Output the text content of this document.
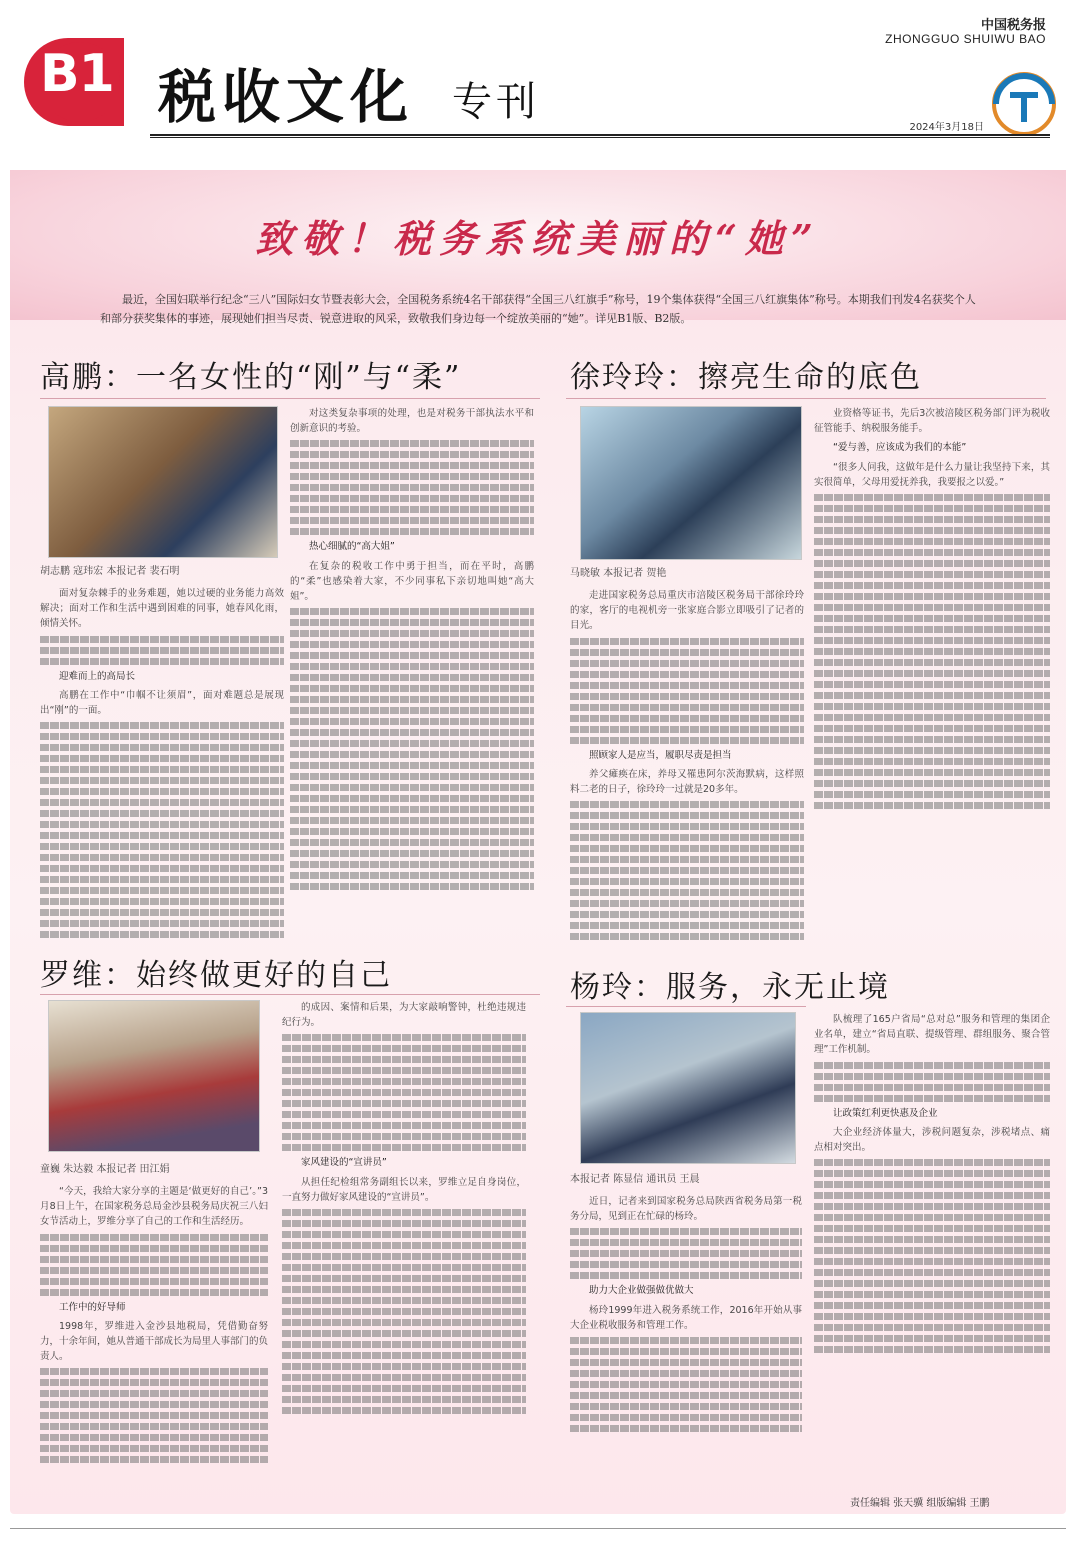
B1 税收文化 专刊
中国税务报
ZHONGGUO SHUIWU BAO
2024年3月18日
致敬！税务系统美丽的“她”
最近，全国妇联举行纪念“三八”国际妇女节暨表彰大会，全国税务系统4名干部获得“全国三八红旗手”称号，19个集体获得“全国三八红旗集体”称号。本期我们刊发4名获奖个人和部分获奖集体的事迹，展现她们担当尽责、锐意进取的风采，致敬我们身边每一个绽放美丽的“她”。详见B1版、B2版。
高鹏：一名女性的“刚”与“柔”
胡志鹏 寇玮宏 本报记者 裴石明

面对复杂棘手的业务难题，她以过硬的业务能力高效解决；面对工作和生活中遇到困难的同事，她春风化雨，倾情关怀。

迎难而上的高局长

高鹏在工作中“巾帼不让须眉”，面对难题总是展现出“刚”的一面。

对这类复杂事项的处理，也是对税务干部执法水平和创新意识的考验。

热心细腻的“高大姐”

在复杂的税收工作中勇于担当，而在平时，高鹏的“柔”也感染着大家，不少同事私下亲切地叫她“高大姐”。

徐玲玲：擦亮生命的底色
马晓敏 本报记者 贺艳

走进国家税务总局重庆市涪陵区税务局干部徐玲玲的家，客厅的电视机旁一张家庭合影立即吸引了记者的目光。

照顾家人是应当，履职尽责是担当

养父瘫痪在床，养母又罹患阿尔茨海默病，这样照料二老的日子，徐玲玲一过就是20多年。

业资格等证书，先后3次被涪陵区税务部门评为税收征管能手、纳税服务能手。

“爱与善，应该成为我们的本能”

“很多人问我，这做年是什么力量让我坚持下来，其实很简单，父母用爱抚养我，我要报之以爱。”

罗维：始终做更好的自己
童巍 朱达毅 本报记者 田江娟

“今天，我给大家分享的主题是‘做更好的自己’。”3月8日上午，在国家税务总局金沙县税务局庆祝三八妇女节活动上，罗维分享了自己的工作和生活经历。

工作中的好导师

1998年，罗维进入金沙县地税局，凭借勤奋努力，十余年间，她从普通干部成长为局里人事部门的负责人。

的成因、案情和后果，为大家敲响警钟，杜绝违规违纪行为。

家风建设的“宣讲员”

从担任纪检组常务副组长以来，罗维立足自身岗位，一直努力做好家风建设的“宣讲员”。

杨玲：服务，永无止境
本报记者 陈显信 通讯员 王晨

近日，记者来到国家税务总局陕西省税务局第一税务分局，见到正在忙碌的杨玲。

助力大企业做强做优做大

杨玲1999年进入税务系统工作，2016年开始从事大企业税收服务和管理工作。

队梳理了165户省局“总对总”服务和管理的集团企业名单，建立“省局直联、提级管理、群组服务、聚合管理”工作机制。

让政策红利更快惠及企业

大企业经济体量大，涉税问题复杂，涉税堵点、痛点相对突出。

责任编辑 张天骥 组版编辑 王鹏
